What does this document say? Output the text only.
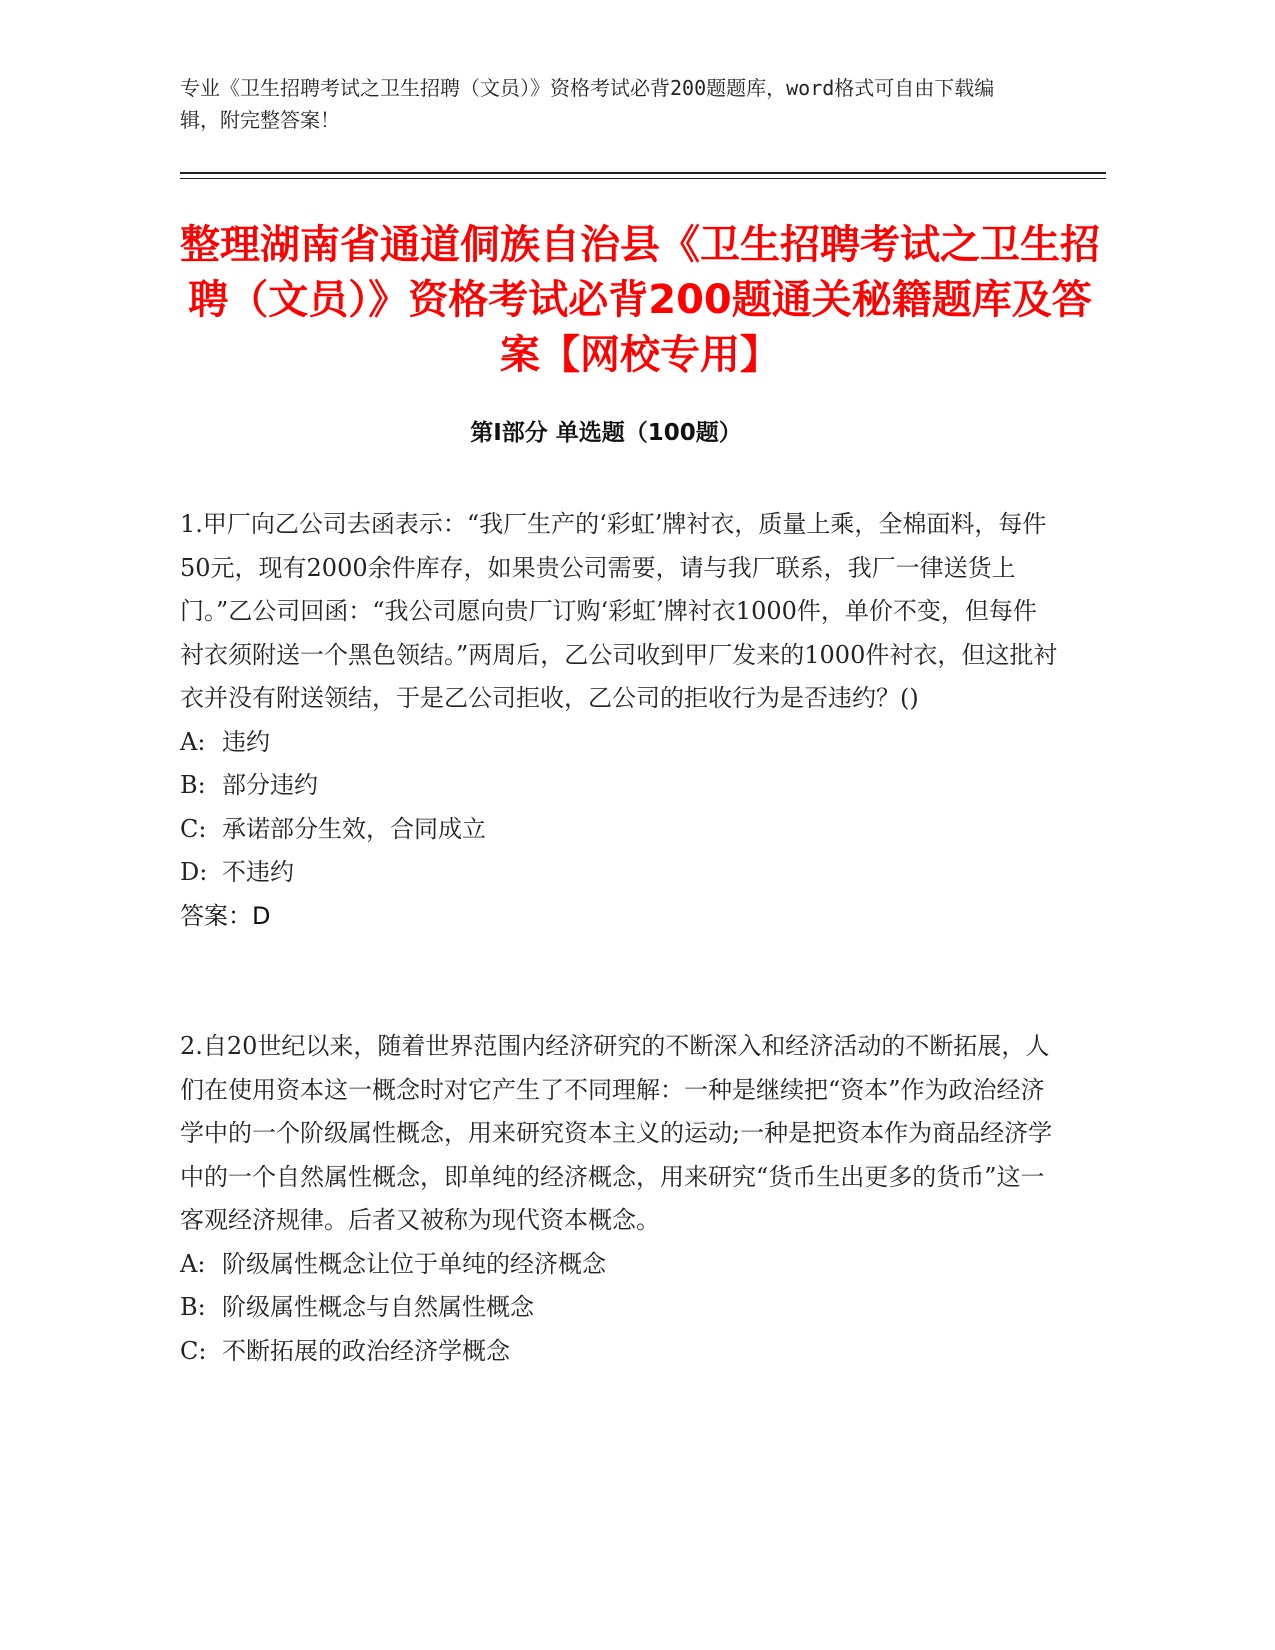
专业《卫生招聘考试之卫生招聘（文员）》资格考试必背200题题库，word格式可自由下载编辑，附完整答案！
整理湖南省通道侗族自治县《卫生招聘考试之卫生招聘（文员）》资格考试必背200题通关秘籍题库及答案【网校专用】
第Ⅰ部分 单选题（100题）

1.甲厂向乙公司去函表示：“我厂生产的‘彩虹’牌衬衣，质量上乘，全棉面料，每件50元，现有2000余件库存，如果贵公司需要，请与我厂联系，我厂一律送货上门。”乙公司回函：“我公司愿向贵厂订购‘彩虹’牌衬衣1000件，单价不变，但每件衬衣须附送一个黑色领结。”两周后，乙公司收到甲厂发来的1000件衬衣，但这批衬衣并没有附送领结，于是乙公司拒收，乙公司的拒收行为是否违约？()

A: 违约

B: 部分违约

C: 承诺部分生效，合同成立

D: 不违约

答案：D

2.自20世纪以来，随着世界范围内经济研究的不断深入和经济活动的不断拓展，人们在使用资本这一概念时对它产生了不同理解：一种是继续把“资本”作为政治经济学中的一个阶级属性概念，用来研究资本主义的运动;一种是把资本作为商品经济学中的一个自然属性概念，即单纯的经济概念，用来研究“货币生出更多的货币”这一客观经济规律。后者又被称为现代资本概念。

A: 阶级属性概念让位于单纯的经济概念

B: 阶级属性概念与自然属性概念

C: 不断拓展的政治经济学概念
